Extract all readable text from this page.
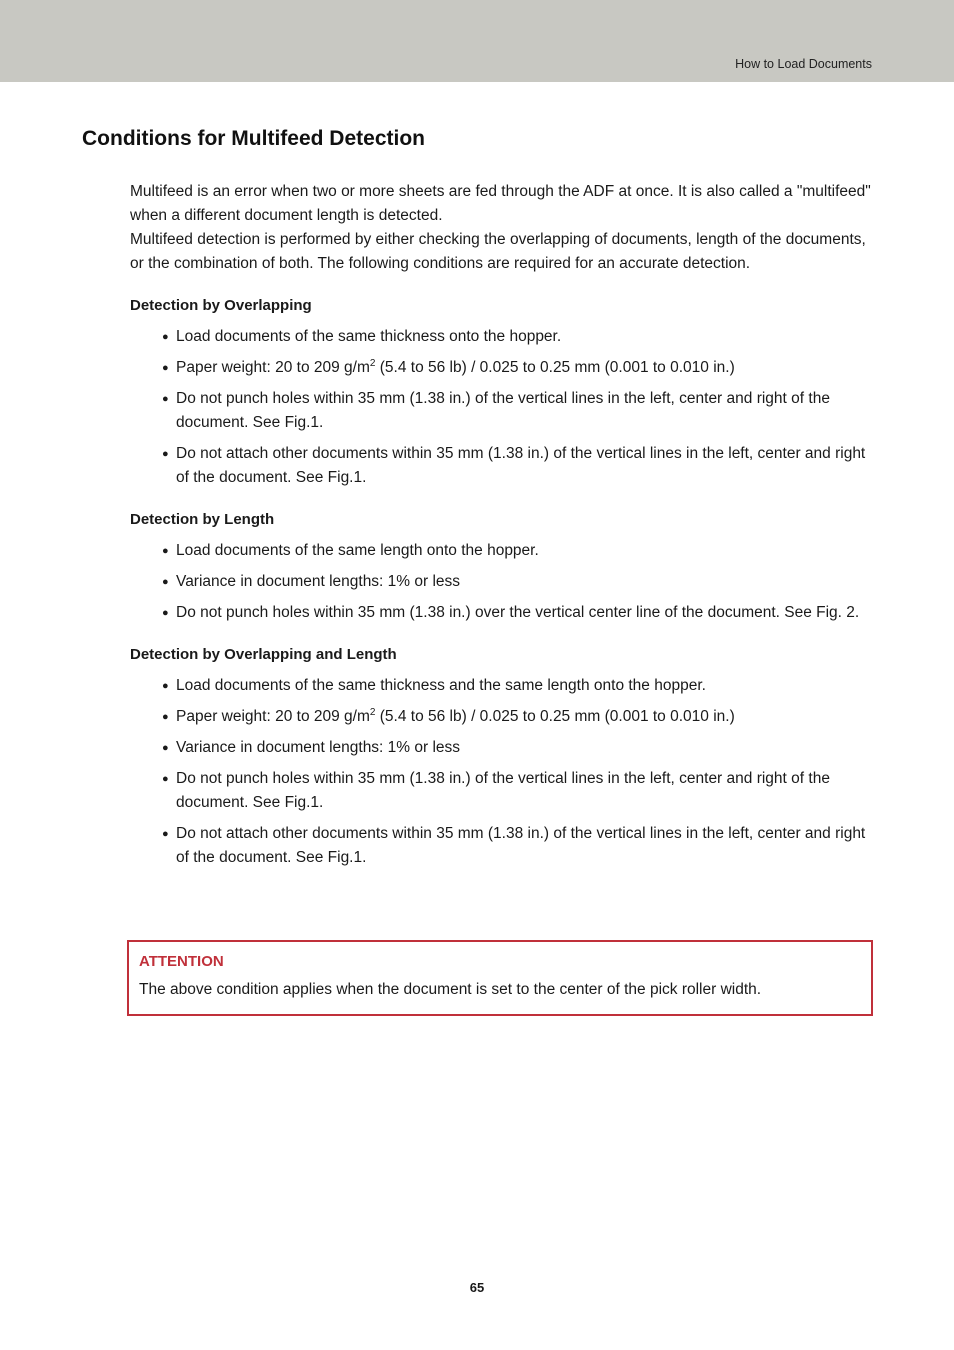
How to Load Documents
Conditions for Multifeed Detection

Multifeed is an error when two or more sheets are fed through the ADF at once. It is also called a "multifeed" when a different document length is detected.

Multifeed detection is performed by either checking the overlapping of documents, length of the documents, or the combination of both. The following conditions are required for an accurate detection.

Detection by Overlapping
● Load documents of the same thickness onto the hopper.
● Paper weight: 20 to 209 $g/m^2$ (5.4 to 56 lb) / 0.025 to 0.25 mm (0.001 to 0.010 in.)
● Do not punch holes within 35 mm (1.38 in.) of the vertical lines in the left, center and right of the document. See Fig.1.
● Do not attach other documents within 35 mm (1.38 in.) of the vertical lines in the left, center and right of the document. See Fig.1.
Detection by Length
● Load documents of the same length onto the hopper.
● Variance in document lengths: 1% or less
● Do not punch holes within 35 mm (1.38 in.) over the vertical center line of the document. See Fig. 2.
Detection by Overlapping and Length
● Load documents of the same thickness and the same length onto the hopper.
● Paper weight: 20 to 209 $g/m^2$ (5.4 to 56 lb) / 0.025 to 0.25 mm (0.001 to 0.010 in.)
● Variance in document lengths: 1% or less
● Do not punch holes within 35 mm (1.38 in.) of the vertical lines in the left, center and right of the document. See Fig.1.
● Do not attach other documents within 35 mm (1.38 in.) of the vertical lines in the left, center and right of the document. See Fig.1.
ATTENTION
The above condition applies when the document is set to the center of the pick roller width.
65
